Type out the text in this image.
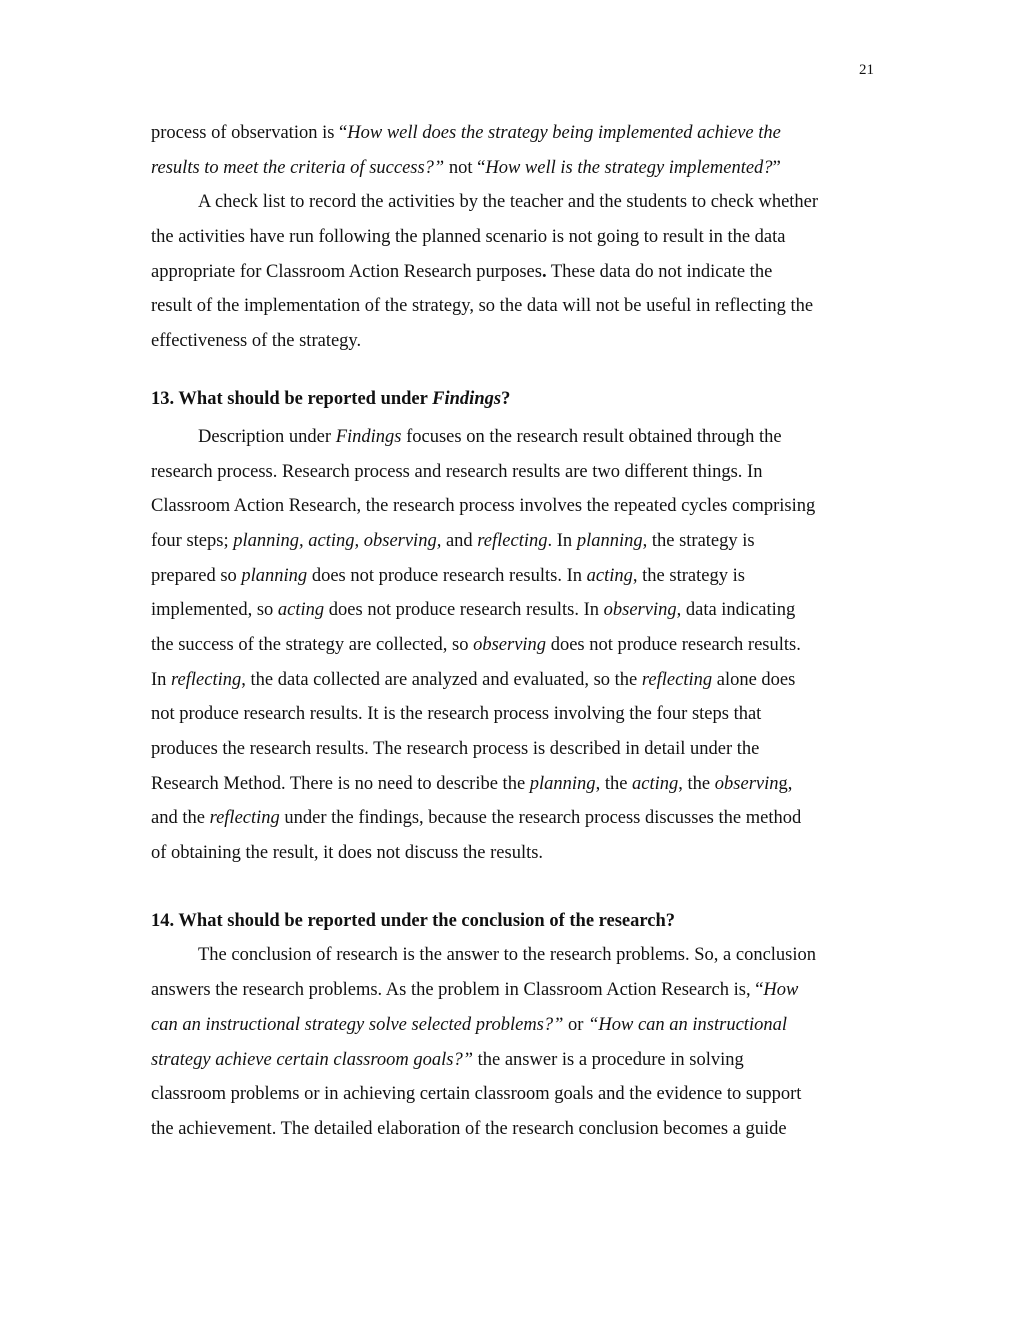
21
process of observation is “How well does the strategy being implemented achieve the
results to meet the criteria of success?” not “How well is the strategy implemented?”
A check list to record the activities by the teacher and the students to check whether
the activities have run following the planned scenario is not going to result in the data
appropriate for Classroom Action Research purposes. These data do not indicate the
result of the implementation of the strategy, so the data will not be useful in reflecting the
effectiveness of the strategy.
13. What should be reported under Findings?
Description under Findings focuses on the research result obtained through the
research process. Research process and research results are two different things. In
Classroom Action Research, the research process involves the repeated cycles comprising
four steps; planning, acting, observing, and reflecting. In planning, the strategy is
prepared so planning does not produce research results. In acting, the strategy is
implemented, so acting does not produce research results. In observing, data indicating
the success of the strategy are collected, so observing does not produce research results.
In reflecting, the data collected are analyzed and evaluated, so the reflecting alone does
not produce research results. It is the research process involving the four steps that
produces the research results. The research process is described in detail under the
Research Method. There is no need to describe the planning, the acting, the observing,
and the reflecting under the findings, because the research process discusses the method
of obtaining the result, it does not discuss the results.
14. What should be reported under the conclusion of the research?
The conclusion of research is the answer to the research problems. So, a conclusion
answers the research problems. As the problem in Classroom Action Research is, “How
can an instructional strategy solve selected problems?” or “How can an instructional
strategy achieve certain classroom goals?” the answer is a procedure in solving
classroom problems or in achieving certain classroom goals and the evidence to support
the achievement. The detailed elaboration of the research conclusion becomes a guide
